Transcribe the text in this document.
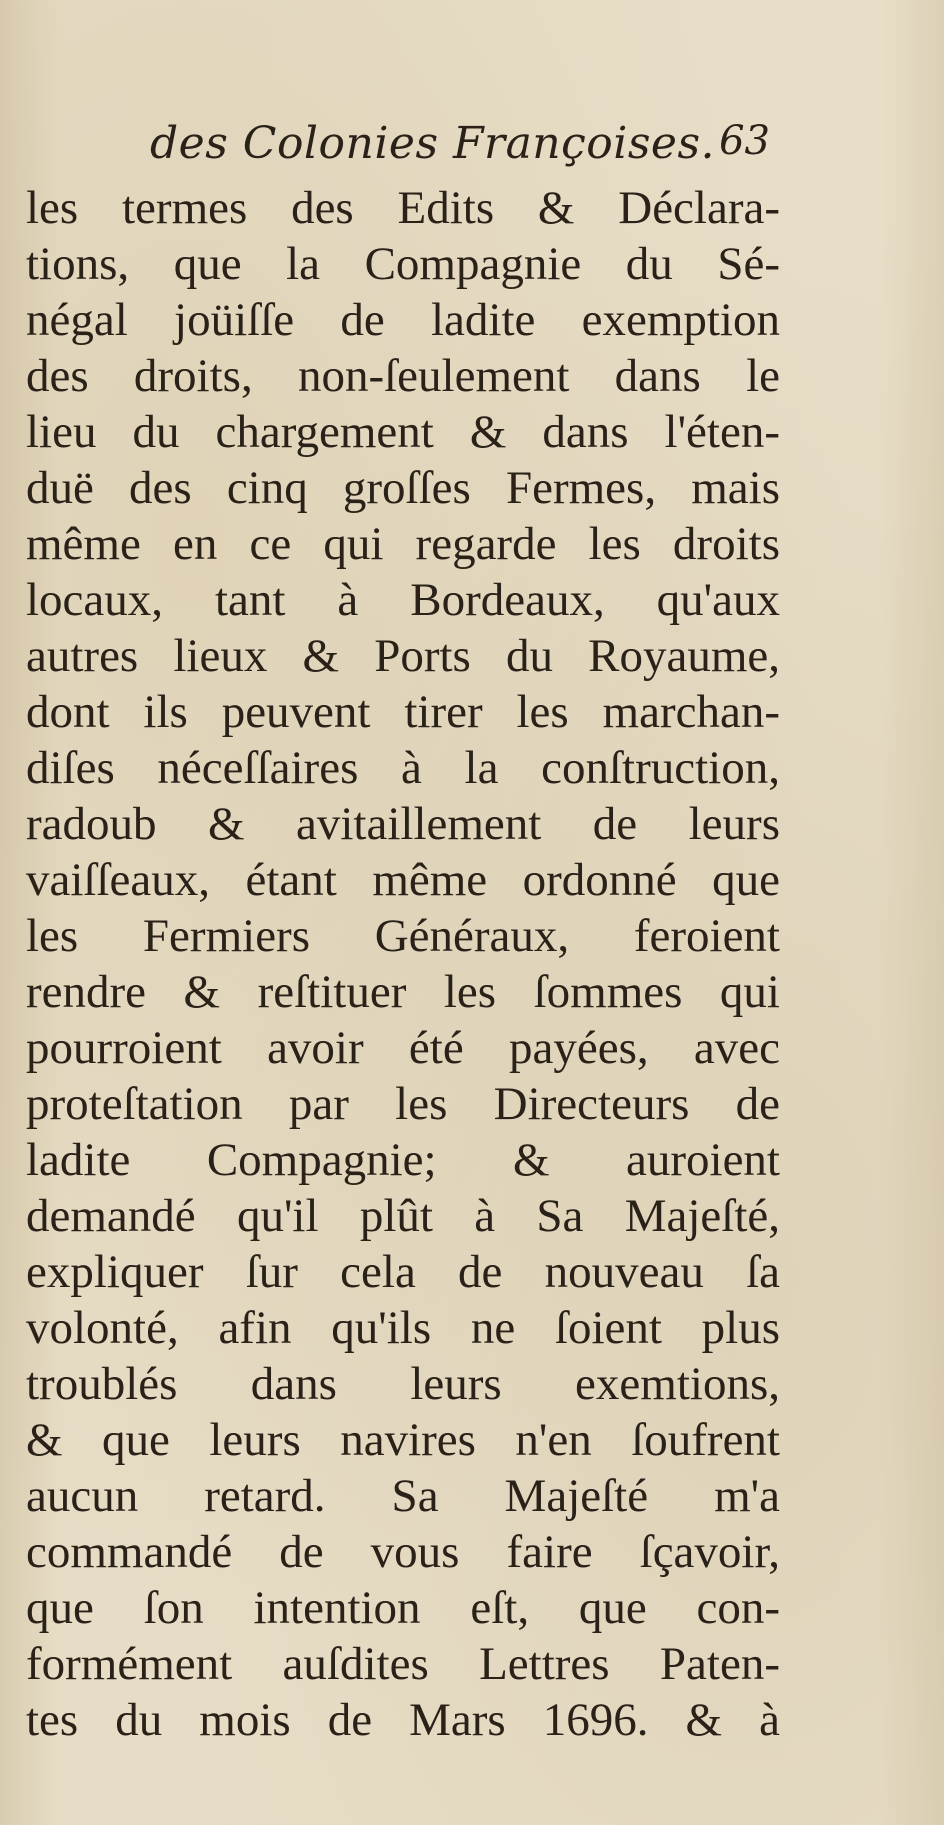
des Colonies Françoises. 63
les termes des Edits & Déclara-
tions, que la Compagnie du Sé-
négal joüiſſe de ladite exemption
des droits, non-ſeulement dans le
lieu du chargement & dans l'éten-
duë des cinq groſſes Fermes, mais
même en ce qui regarde les droits
locaux, tant à Bordeaux, qu'aux
autres lieux & Ports du Royaume,
dont ils peuvent tirer les marchan-
diſes néceſſaires à la conſtruction,
radoub & avitaillement de leurs
vaiſſeaux, étant même ordonné que
les Fermiers Généraux, feroient
rendre & reſtituer les ſommes qui
pourroient avoir été payées, avec
proteſtation par les Directeurs de
ladite Compagnie; & auroient
demandé qu'il plût à Sa Majeſté,
expliquer ſur cela de nouveau ſa
volonté, afin qu'ils ne ſoient plus
troublés dans leurs exemtions,
& que leurs navires n'en ſoufrent
aucun retard. Sa Majeſté m'a
commandé de vous faire ſçavoir,
que ſon intention eſt, que con-
formément auſdites Lettres Paten-
tes du mois de Mars 1696. & à
